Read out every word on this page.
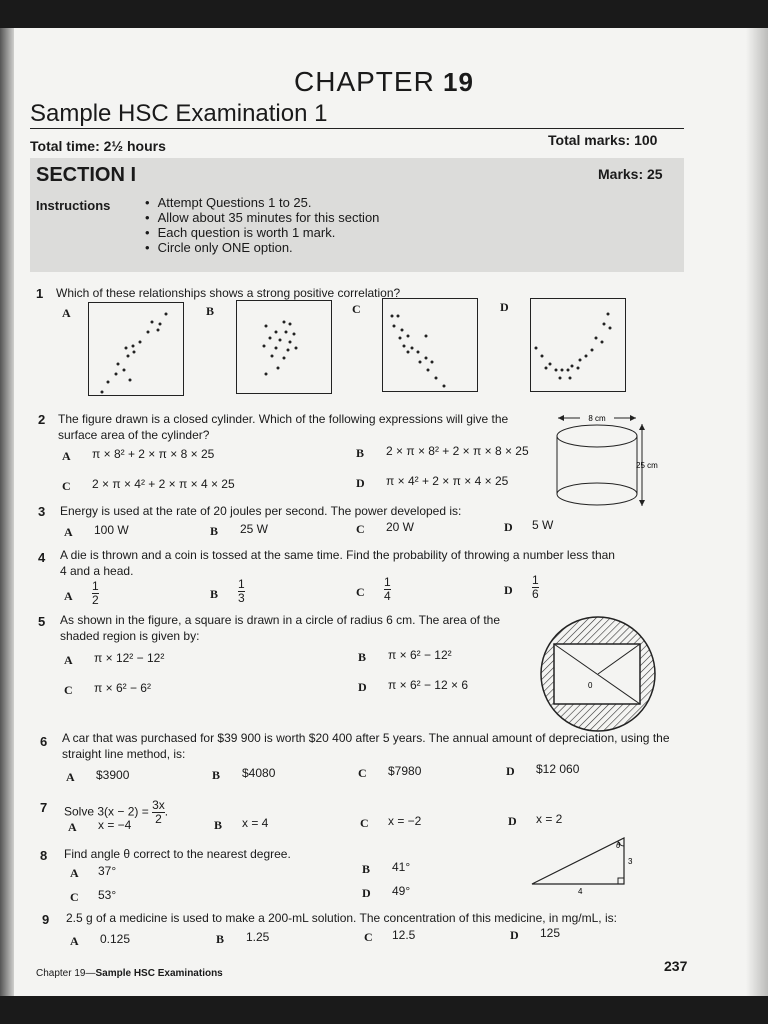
CHAPTER 19
Sample HSC Examination 1
Total time: 2½ hours	Total marks: 100
SECTION I	Marks: 25
Instructions
•	Attempt Questions 1 to 25.
• Allow about 35 minutes for this section
• Each question is worth 1 mark.
• Circle only ONE option.
1 Which of these relationships shows a strong positive correlation?
A	B	C	D
2 The figure drawn is a closed cylinder. Which of the following expressions will give the surface area of the cylinder?
A π × 8² + 2 × π × 8 × 25	B 2 × π × 8² + 2 × π × 8 × 25
C 2 × π × 4² + 2 × π × 4 × 25	D π × 4² + 2 × π × 4 × 25
8 cm
25 cm
3 Energy is used at the rate of 20 joules per second. The power developed is:
A 100 W	B 25 W	C 20 W	D 5 W
4 A die is thrown and a coin is tossed at the same time. Find the probability of throwing a number less than 4 and a head.
A $\frac{1}{2}$	B $\frac{1}{3}$	C $\frac{1}{4}$	D $\frac{1}{6}$
5 As shown in the figure, a square is drawn in a circle of radius 6 cm. The area of the shaded region is given by:
A π × 12² − 12²	B π × 6² − 12²
C π × 6² − 6²	D π × 6² − 12 × 6	0
6 A car that was purchased for $39 900 is worth $20 400 after 5 years. The annual amount of depreciation, using the straight line method, is:
A $3900	B $4080	C $7980	D $12 060
7 Solve $3(x - 2) = \frac{3x}{2}$ .
A x = −4	B x = 4	C x = −2	D x = 2
8 Find angle θ correct to the nearest degree.
A 37°	B 41°
C 53°	D 49°
θ
3
4
9 2.5 g of a medicine is used to make a 200-mL solution. The concentration of this medicine, in mg/mL, is:
A 0.125	B 1.25	C 12.5	D 125
Chapter 19—Sample HSC Examinations	237
